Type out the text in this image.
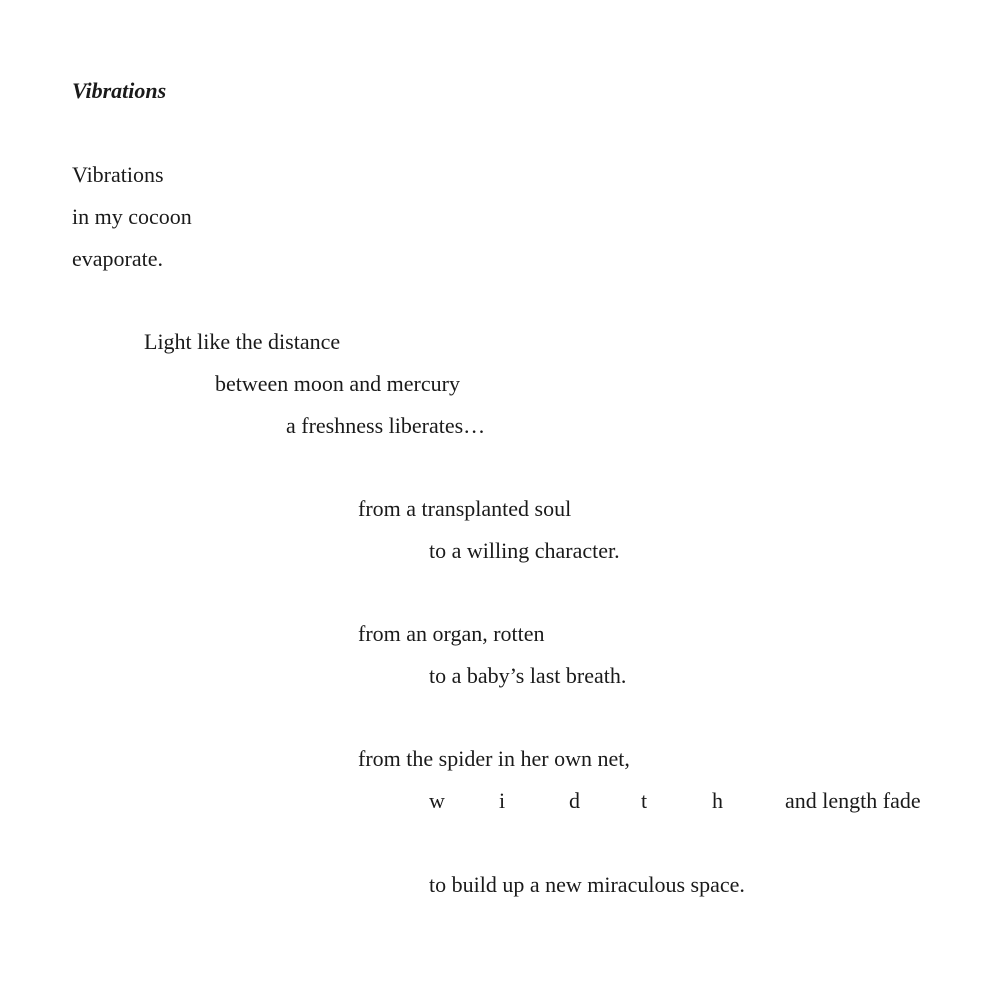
Vibrations
Vibrations
in my cocoon
evaporate.
Light like the distance
between moon and mercury
a freshness liberates…
from a transplanted soul
to a willing character.
from an organ, rotten
to a baby’s last breath.
from the spider in her own net,
w i	d	t	h	and length fade
to build up a new miraculous space.
